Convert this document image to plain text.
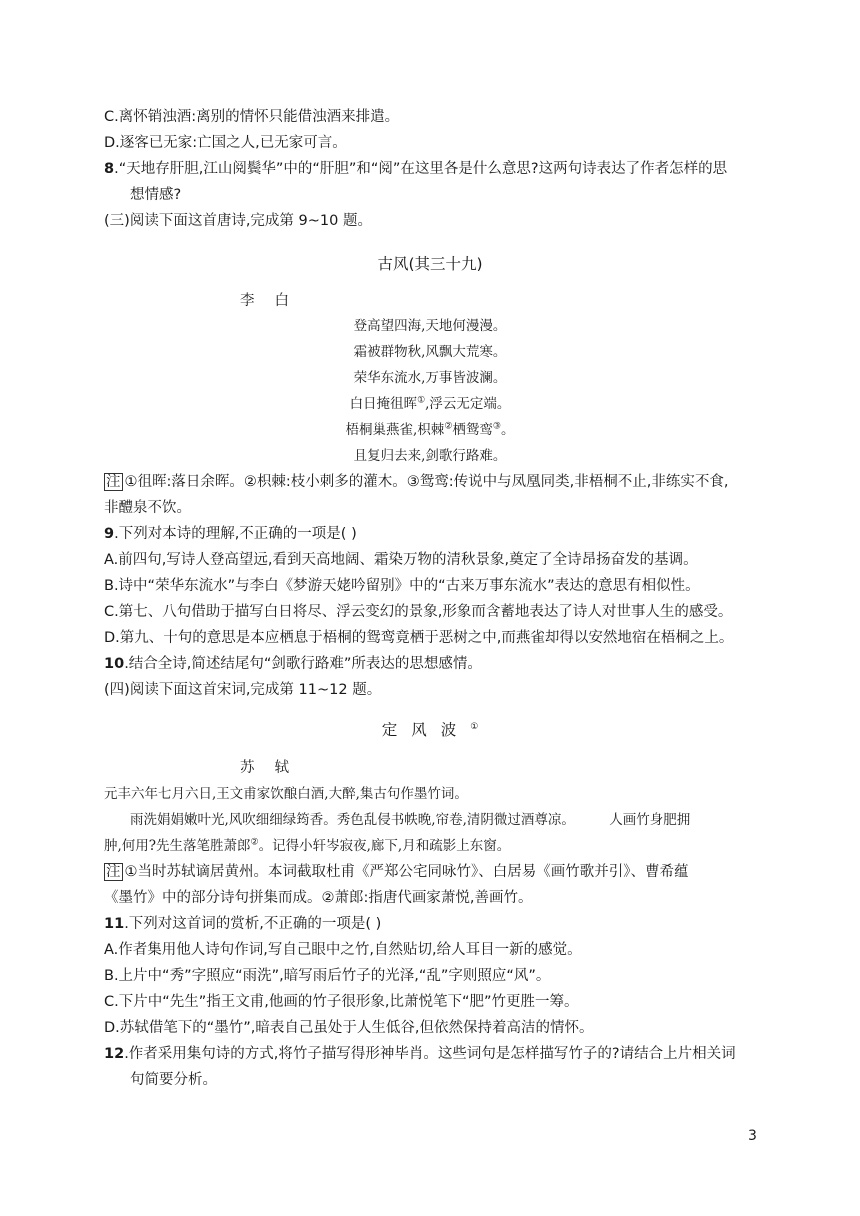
C.离怀销浊酒:离别的情怀只能借浊酒来排遣。
D.逐客已无家:亡国之人,已无家可言。
8.“天地存肝胆,江山阅鬓华”中的“肝胆”和“阅”在这里各是什么意思?这两句诗表达了作者怎样的思
想情感?
(三)阅读下面这首唐诗,完成第 9~10 题。
古风(其三十九)
李白
登高望四海,天地何漫漫。
霜被群物秋,风飘大荒寒。
荣华东流水,万事皆波澜。
白日掩徂晖①,浮云无定端。
梧桐巢燕雀,枳棘②栖鸳鸾③。
且复归去来,剑歌行路难。
注 ①徂晖:落日余晖。②枳棘:枝小刺多的灌木。③鸳鸾:传说中与凤凰同类,非梧桐不止,非练实不食,
非醴泉不饮。
9.下列对本诗的理解,不正确的一项是( )
A.前四句,写诗人登高望远,看到天高地阔、霜染万物的清秋景象,奠定了全诗昂扬奋发的基调。
B.诗中“荣华东流水”与李白《梦游天姥吟留别》中的“古来万事东流水”表达的意思有相似性。
C.第七、八句借助于描写白日将尽、浮云变幻的景象,形象而含蓄地表达了诗人对世事人生的感受。
D.第九、十句的意思是本应栖息于梧桐的鸳鸾竟栖于恶树之中,而燕雀却得以安然地宿在梧桐之上。
10.结合全诗,简述结尾句“剑歌行路难”所表达的思想感情。
(四)阅读下面这首宋词,完成第 11~12 题。
定风波①
苏轼
元丰六年七月六日,王文甫家饮酿白酒,大醉,集古句作墨竹词。
雨洗娟娟嫩叶光,风吹细细绿筠香。秀色乱侵书帙晚,帘卷,清阴微过酒尊凉。        人画竹身肥拥
肿,何用?先生落笔胜萧郎②。记得小轩岑寂夜,廊下,月和疏影上东窗。
注 ①当时苏轼谪居黄州。本词截取杜甫《严郑公宅同咏竹》、白居易《画竹歌并引》、曹希蕴
《墨竹》中的部分诗句拼集而成。②萧郎:指唐代画家萧悦,善画竹。
11.下列对这首词的赏析,不正确的一项是( )
A.作者集用他人诗句作词,写自己眼中之竹,自然贴切,给人耳目一新的感觉。
B.上片中“秀”字照应“雨洗”,暗写雨后竹子的光泽,“乱”字则照应“风”。
C.下片中“先生”指王文甫,他画的竹子很形象,比萧悦笔下“肥”竹更胜一筹。
D.苏轼借笔下的“墨竹”,暗表自己虽处于人生低谷,但依然保持着高洁的情怀。
12.作者采用集句诗的方式,将竹子描写得形神毕肖。这些词句是怎样描写竹子的?请结合上片相关词
句简要分析。
3
